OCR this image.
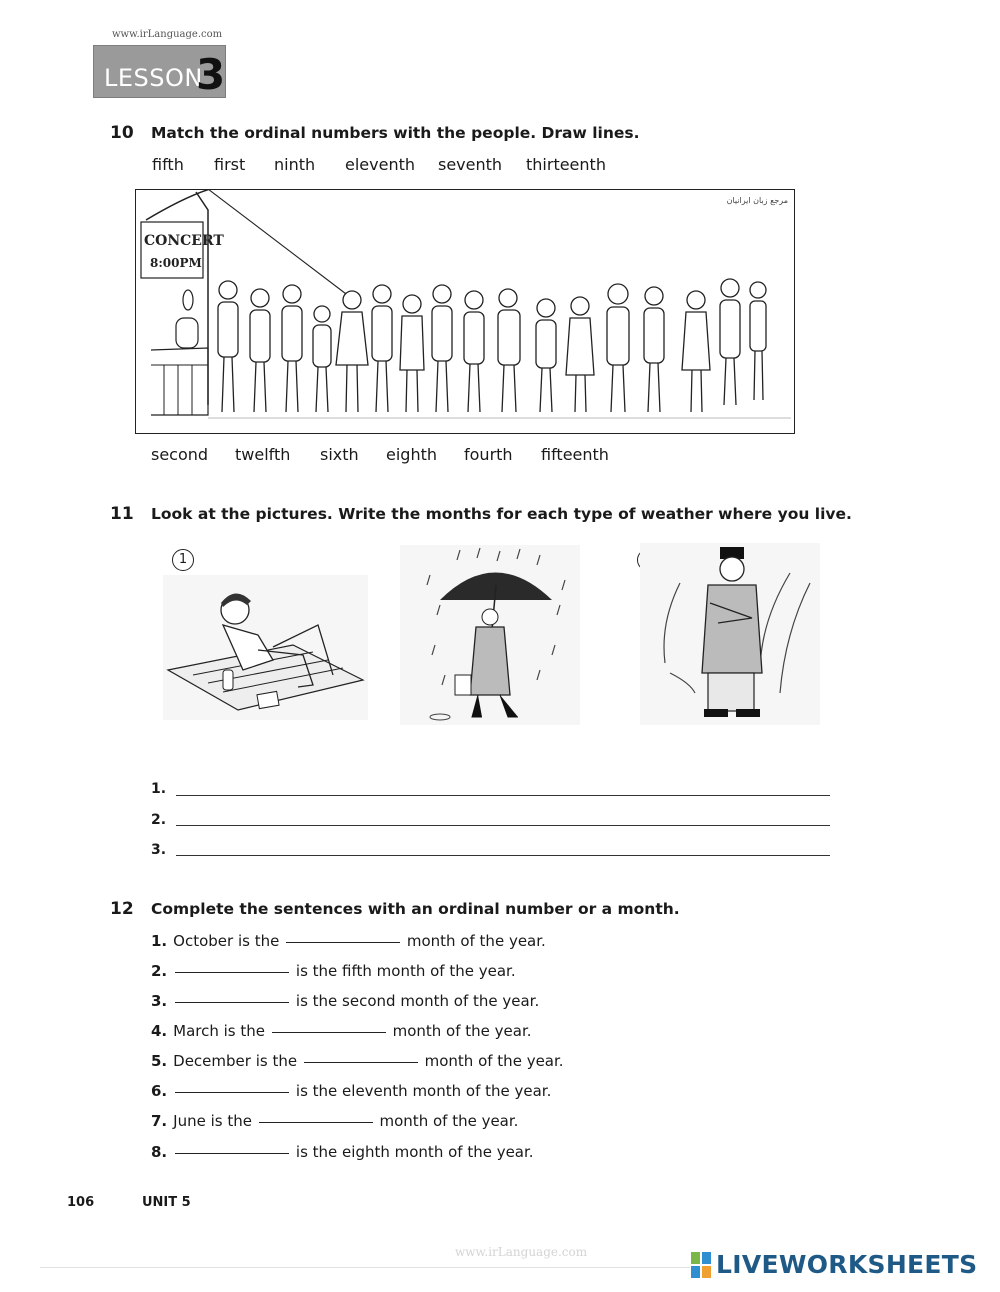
www.irLanguage.com
LESSON
3
10 Match the ordinal numbers with the people. Draw lines.
fifth first ninth eleventh seventh thirteenth
مرجع زبان ایرانیان
CONCERT
8:00PM
second twelfth sixth eighth fourth fifteenth
11 Look at the pictures. Write the months for each type of weather where you live.
1	2	3
1.
2.
3.
12 Complete the sentences with an ordinal number or a month.
1. October is the	month of the year.
2.	is the fifth month of the year.
3.	is the second month of the year.
4. March is the	month of the year.
5. December is the	month of the year.
6.	is the eleventh month of the year.
7. June is the	month of the year.
8.	is the eighth month of the year.
106	UNIT 5
www.irLanguage.com	LIVEWORKSHEETS
